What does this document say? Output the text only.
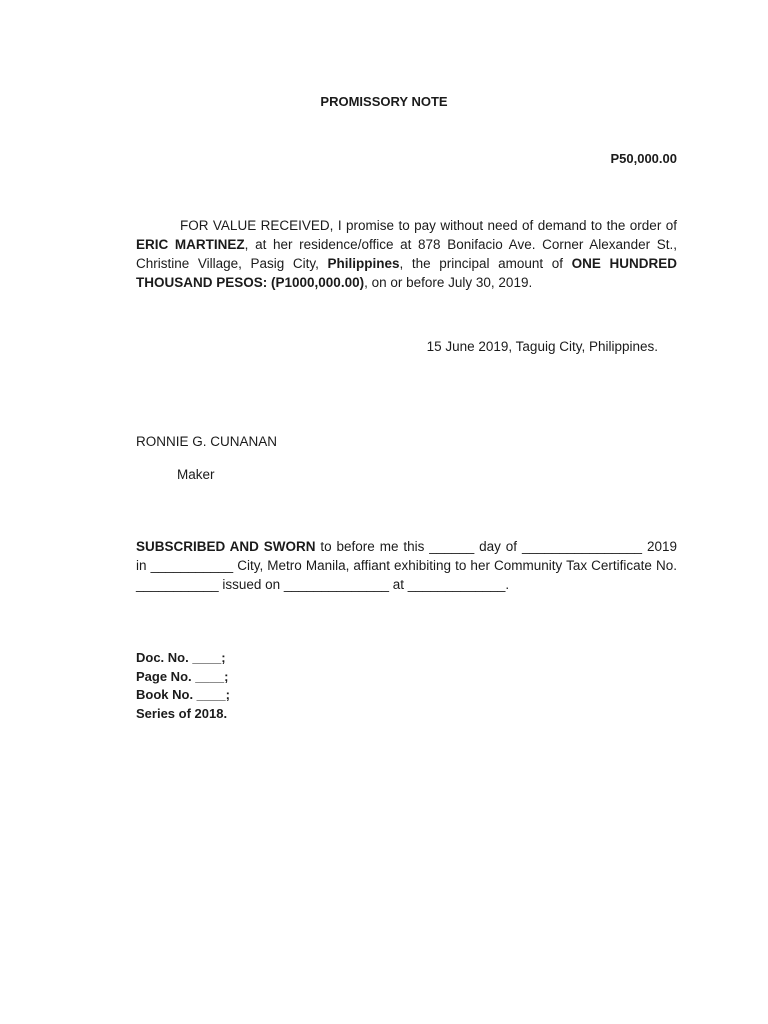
PROMISSORY NOTE
P50,000.00
FOR VALUE RECEIVED, I promise to pay without need of demand to the order of ERIC MARTINEZ, at her residence/office at 878 Bonifacio Ave. Corner Alexander St., Christine Village, Pasig City, Philippines, the principal amount of ONE HUNDRED THOUSAND PESOS: (P1000,000.00), on or before July 30, 2019.
15 June 2019, Taguig City, Philippines.
RONNIE G. CUNANAN
Maker
SUBSCRIBED AND SWORN to before me this ______ day of ________________ 2019 in ___________ City, Metro Manila, affiant exhibiting to her Community Tax Certificate No. ___________ issued on ______________ at _____________.
Doc. No. ____;
Page No. ____;
Book No. ____;
Series of 2018.
